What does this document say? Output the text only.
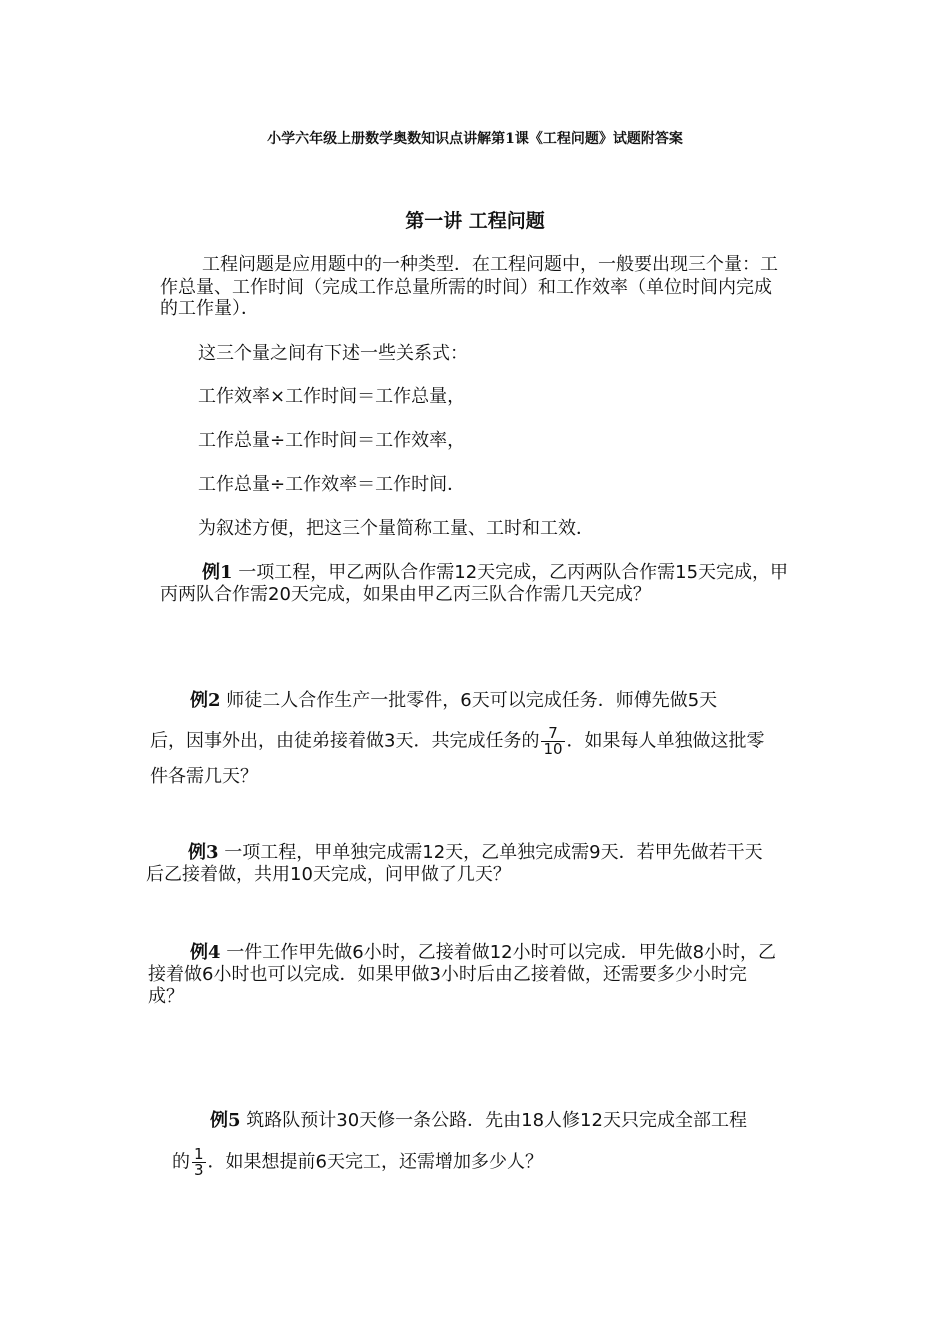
小学六年级上册数学奥数知识点讲解第1课《工程问题》试题附答案
第一讲 工程问题
工程问题是应用题中的一种类型．在工程问题中，一般要出现三个量：工
作总量、工作时间（完成工作总量所需的时间）和工作效率（单位时间内完成
的工作量）．
这三个量之间有下述一些关系式：
工作效率×工作时间＝工作总量，
工作总量÷工作时间＝工作效率，
工作总量÷工作效率＝工作时间．
为叙述方便，把这三个量简称工量、工时和工效．
例1 一项工程，甲乙两队合作需12天完成，乙丙两队合作需15天完成，甲
丙两队合作需20天完成，如果由甲乙丙三队合作需几天完成？
例2 师徒二人合作生产一批零件，6天可以完成任务．师傅先做5天
后，因事外出，由徒弟接着做3天．共完成任务的 $\frac{7}{10}$ ．如果每人单独做这批零
件各需几天？
例3 一项工程，甲单独完成需12天，乙单独完成需9天．若甲先做若干天
后乙接着做，共用10天完成，问甲做了几天？
例4 一件工作甲先做6小时，乙接着做12小时可以完成．甲先做8小时，乙
接着做6小时也可以完成．如果甲做3小时后由乙接着做，还需要多少小时完
成？
例5 筑路队预计30天修一条公路．先由18人修12天只完成全部工程
的 $\frac{1}{3}$ ．如果想提前6天完工，还需增加多少人？
